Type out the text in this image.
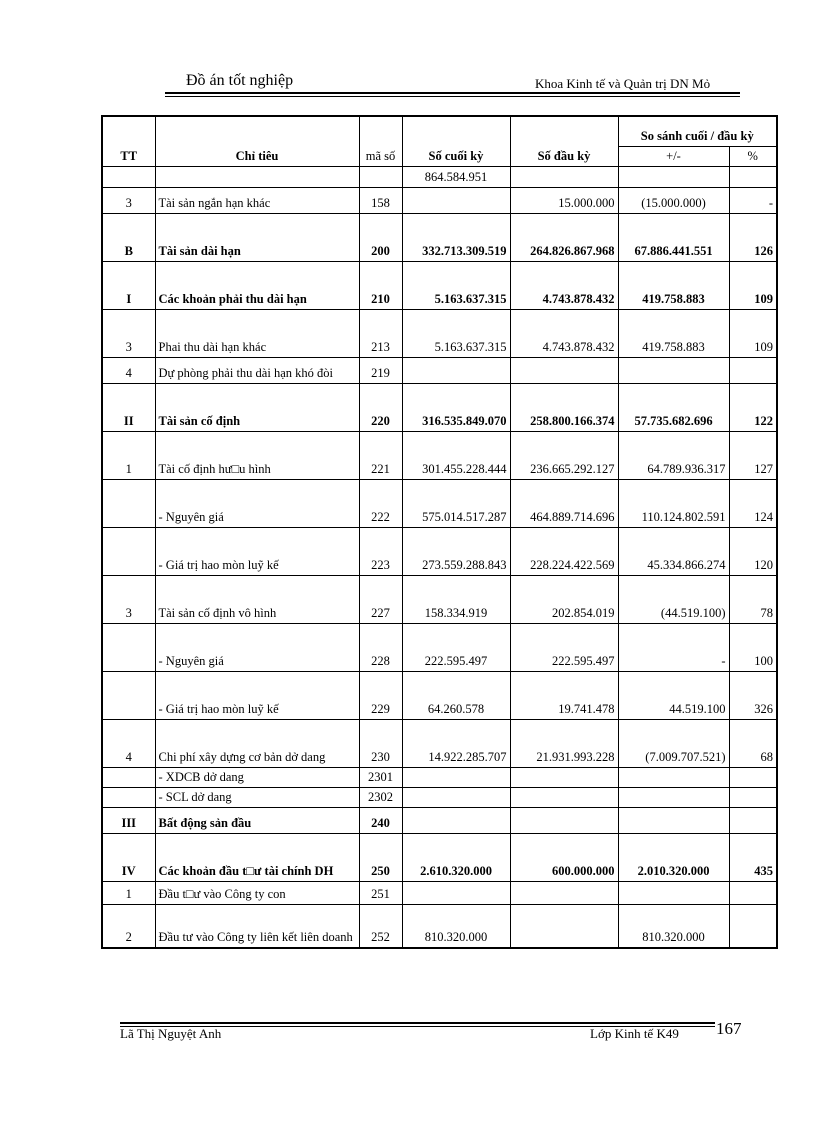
Đồ án tốt nghiệp	Khoa Kinh tế và Quản trị DN Mỏ
TT	Chỉ tiêu	mã số	Số cuối kỳ	Số đầu kỳ	So sánh cuối / đầu kỳ	
					+/-	%
			864.584.951			
3	Tài sản ngắn hạn khác	158		15.000.000	(15.000.000)	-
B	Tài sản dài hạn	200	332.713.309.519	264.826.867.968	67.886.441.551	126
I	Các khoản phải thu dài hạn	210	5.163.637.315	4.743.878.432	419.758.883	109
3	Phai thu dài hạn khác	213	5.163.637.315	4.743.878.432	419.758.883	109
4	Dự phòng phải thu dài hạn khó đòi	219				
II	Tài sản cố định	220	316.535.849.070	258.800.166.374	57.735.682.696	122
1	Tài cố định hư□u hình	221	301.455.228.444	236.665.292.127	64.789.936.317	127
	- Nguyên giá	222	575.014.517.287	464.889.714.696	110.124.802.591	124
	- Giá trị hao mòn luỹ kế	223	273.559.288.843	228.224.422.569	45.334.866.274	120
3	Tài sản cố định vô hình	227	158.334.919	202.854.019	(44.519.100)	78
	- Nguyên giá	228	222.595.497	222.595.497	-	100
	- Giá trị hao mòn luỹ kế	229	64.260.578	19.741.478	44.519.100	326
4	Chi phí xây dựng cơ bản dở dang	230	14.922.285.707	21.931.993.228	(7.009.707.521)	68
	- XDCB dở dang	2301				
	- SCL dở dang	2302				
III	Bất động sản đầu	240				
IV	Các khoản đầu t□ư tài chính DH	250	2.610.320.000	600.000.000	2.010.320.000	435
1	Đầu t□ư vào Công ty con	251				
2	Đầu tư vào Công ty liên kết liên doanh	252	810.320.000		810.320.000	
Lã Thị Nguyệt Anh	Lớp Kinh tế K49 167
